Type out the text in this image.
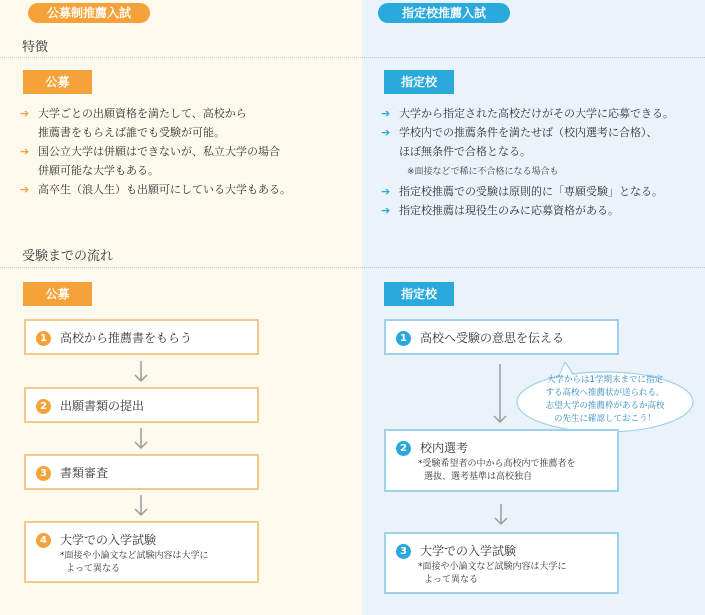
公募制推薦入試	指定校推薦入試
特徴
公募	指定校
➔ 大学ごとの出願資格を満たして、高校から
推薦書をもらえば誰でも受験が可能。
➔ 国公立大学は併願はできないが、私立大学の場合
併願可能な大学もある。
➔ 高卒生（浪人生）も出願可にしている大学もある。
➔ 大学から指定された高校だけがその大学に応募できる。
➔ 学校内での推薦条件を満たせば（校内選考に合格）、
ほぼ無条件で合格となる。
※面接などで稀に不合格になる場合も
➔ 指定校推薦での受験は原則的に「専願受験」となる。
➔ 指定校推薦は現役生のみに応募資格がある。
受験までの流れ
公募	指定校
1	高校から推薦書をもらう
2	出願書類の提出
3	書類審査
4	大学での入学試験
*面接や小論文など試験内容は大学に
よって異なる
1	高校へ受験の意思を伝える
大学からは1学期末までに指定
する高校へ推薦状が送られる。
志望大学の推薦枠があるか高校
の先生に確認しておこう！
2	校内選考
*受験希望者の中から高校内で推薦者を
選抜、選考基準は高校独自
3	大学での入学試験
*面接や小論文など試験内容は大学に
よって異なる
